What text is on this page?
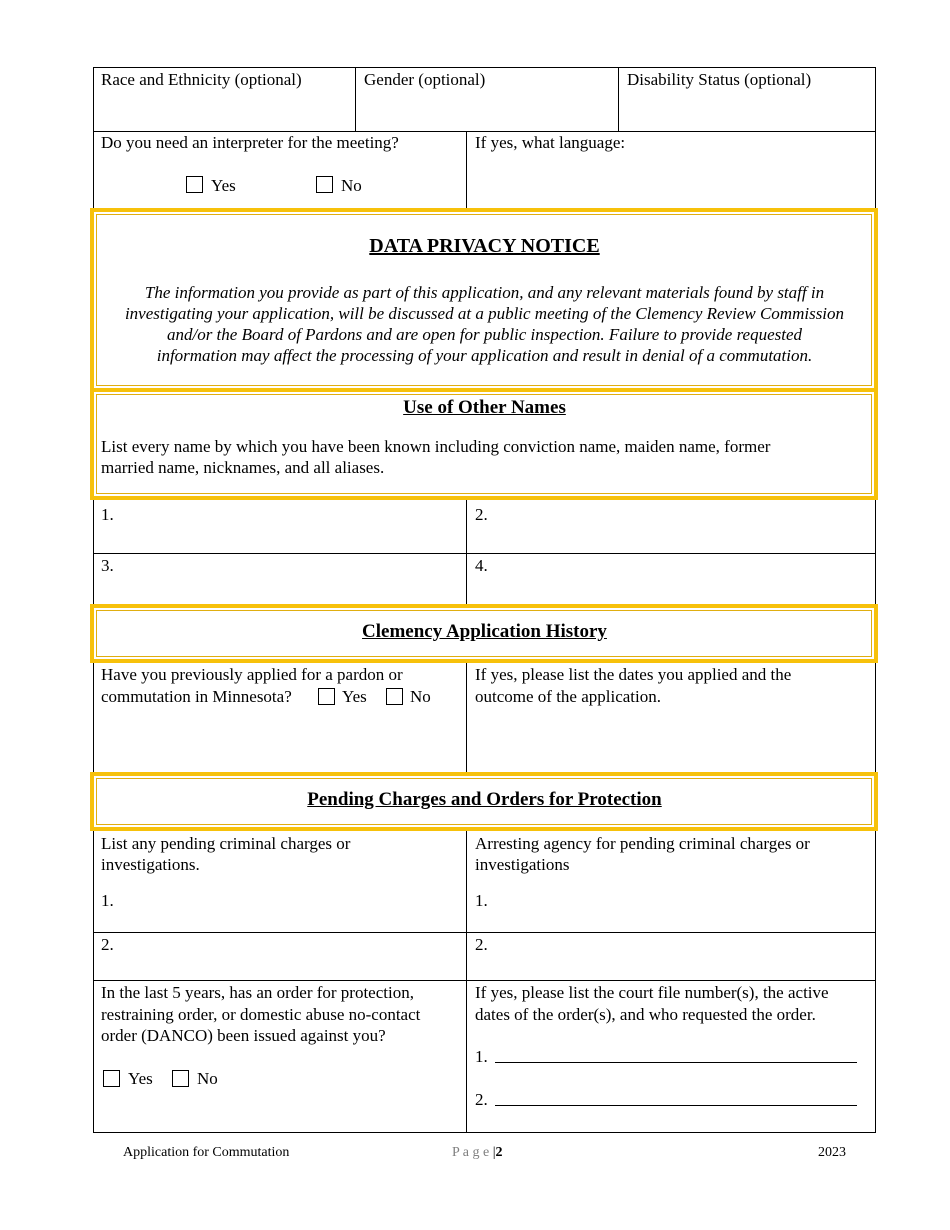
Race and Ethnicity (optional)	Gender (optional)	Disability Status (optional)
Do you need an interpreter for the meeting?
Yes	No
If yes, what language:
DATA PRIVACY NOTICE
The information you provide as part of this application, and any relevant materials found by staff in
investigating your application, will be discussed at a public meeting of the Clemency Review Commission
and/or the Board of Pardons and are open for public inspection. Failure to provide requested
information may affect the processing of your application and result in denial of a commutation.
Use of Other Names
List every name by which you have been known including conviction name, maiden name, former
married name, nicknames, and all aliases.
1.	2.
3.	4.
Clemency Application History
Have you previously applied for a pardon or
commutation in Minnesota?	Yes	No
If yes, please list the dates you applied and the
outcome of the application.
Pending Charges and Orders for Protection
List any pending criminal charges or
investigations.
Arresting agency for pending criminal charges or
investigations
1.	1.
2.	2.
In the last 5 years, has an order for protection,
restraining order, or domestic abuse no-contact
order (DANCO) been issued against you?
Yes	No
If yes, please list the court file number(s), the active
dates of the order(s), and who requested the order.
1.
2.
Application for Commutation	P a g e |2	2023
